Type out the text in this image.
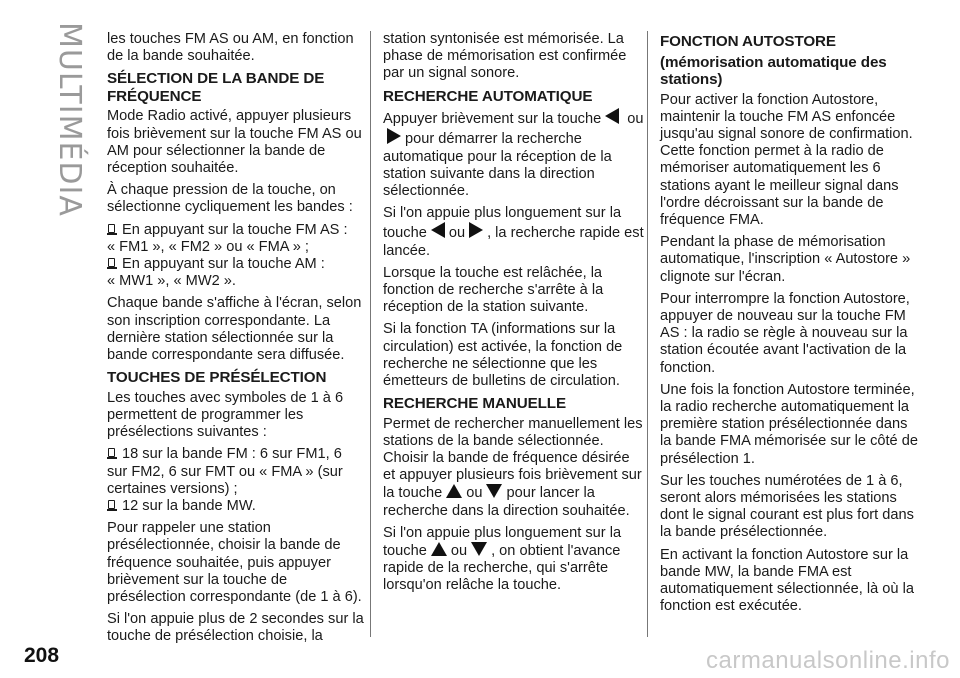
MULTIMÉDIA
208

les touches FM AS ou AM, en fonction de la bande souhaitée.

SÉLECTION DE LA BANDE DE FRÉQUENCE

Mode Radio activé, appuyer plusieurs fois brièvement sur la touche FM AS ou AM pour sélectionner la bande de réception souhaitée.

À chaque pression de la touche, on sélectionne cycliquement les bandes :

En appuyant sur la touche FM AS :

« FM1 », « FM2 » ou « FMA » ;

En appuyant sur la touche AM :

« MW1 », « MW2 ».

Chaque bande s'affiche à l'écran, selon son inscription correspondante. La dernière station sélectionnée sur la bande correspondante sera diffusée.

TOUCHES DE PRÉSÉLECTION

Les touches avec symboles de 1 à 6 permettent de programmer les présélections suivantes :

18 sur la bande FM : 6 sur FM1, 6 sur FM2, 6 sur FMT ou « FMA » (sur certaines versions) ;

12 sur la bande MW.

Pour rappeler une station présélectionnée, choisir la bande de fréquence souhaitée, puis appuyer brièvement sur la touche de présélection correspondante (de 1 à 6).

Si l'on appuie plus de 2 secondes sur la touche de présélection choisie, la

station syntonisée est mémorisée. La phase de mémorisation est confirmée par un signal sonore.

RECHERCHE AUTOMATIQUE

Appuyer brièvement sur la touche oupour démarrer la recherche automatique pour la réception de la station suivante dans la direction sélectionnée.

Si l'on appuie plus longuement sur la touche ou , la recherche rapide est lancée.

Lorsque la touche est relâchée, la fonction de recherche s'arrête à la réception de la station suivante.

Si la fonction TA (informations sur la circulation) est activée, la fonction de recherche ne sélectionne que les émetteurs de bulletins de circulation.

RECHERCHE MANUELLE

Permet de rechercher manuellement les stations de la bande sélectionnée. Choisir la bande de fréquence désirée et appuyer plusieurs fois brièvement sur la touche ou pour lancer la recherche dans la direction souhaitée.

Si l'on appuie plus longuement sur la touche ou , on obtient l'avance rapide de la recherche, qui s'arrête lorsqu'on relâche la touche.

FONCTION AUTOSTORE
(mémorisation automatique des stations)

Pour activer la fonction Autostore, maintenir la touche FM AS enfoncée jusqu'au signal sonore de confirmation. Cette fonction permet à la radio de mémoriser automatiquement les 6 stations ayant le meilleur signal dans l'ordre décroissant sur la bande de fréquence FMA.

Pendant la phase de mémorisation automatique, l'inscription « Autostore » clignote sur l'écran.

Pour interrompre la fonction Autostore, appuyer de nouveau sur la touche FM AS : la radio se règle à nouveau sur la station écoutée avant l'activation de la fonction.

Une fois la fonction Autostore terminée, la radio recherche automatiquement la première station présélectionnée dans la bande FMA mémorisée sur le côté de présélection 1.

Sur les touches numérotées de 1 à 6, seront alors mémorisées les stations dont le signal courant est plus fort dans la bande présélectionnée.

En activant la fonction Autostore sur la bande MW, la bande FMA est automatiquement sélectionnée, là où la fonction est exécutée.

carmanualsonline.info
